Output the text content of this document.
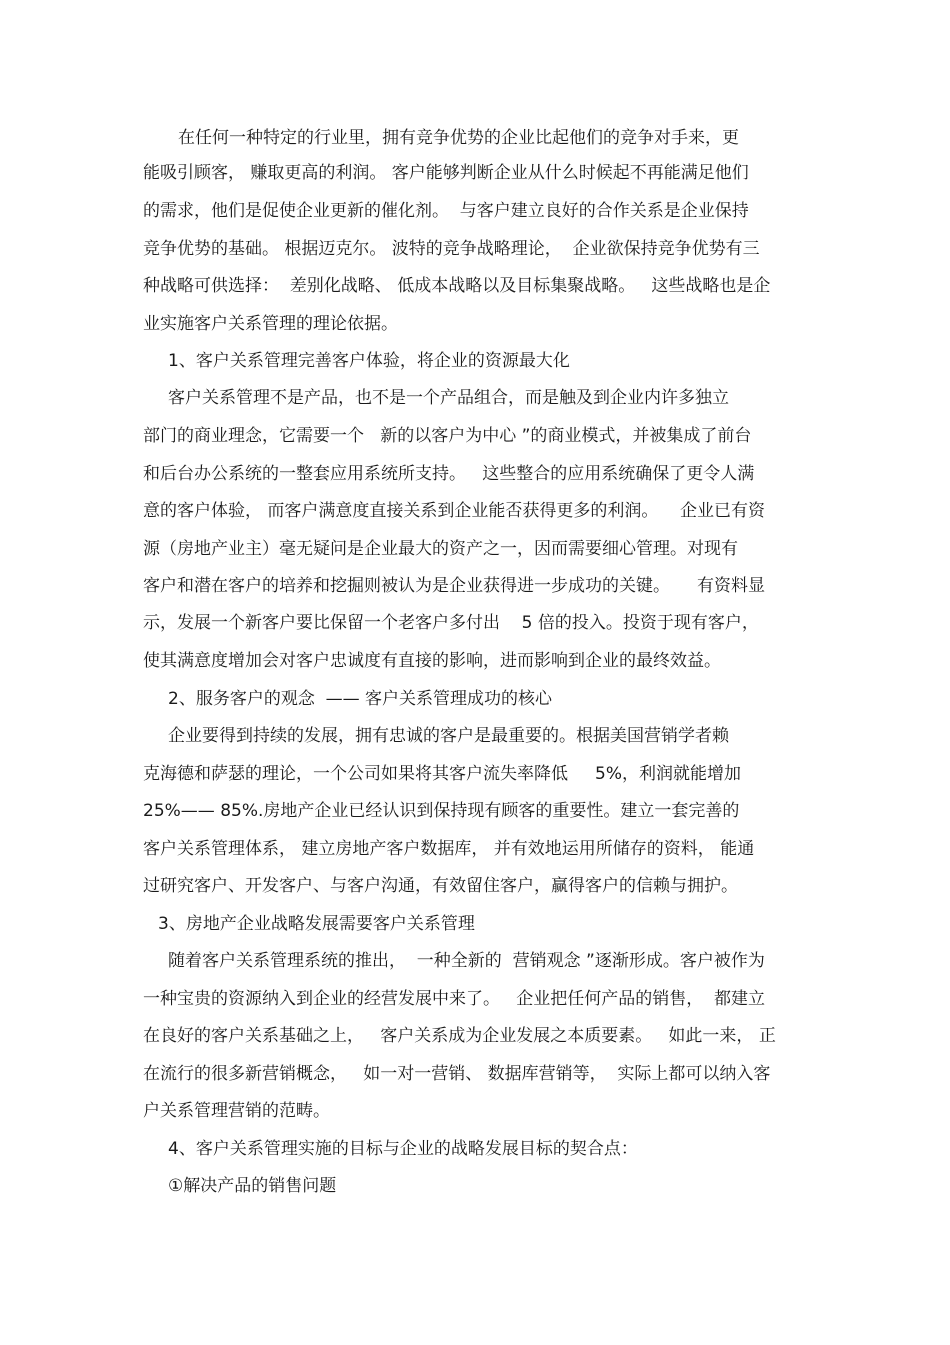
在任何一种特定的行业里，拥有竞争优势的企业比起他们的竞争对手来，更
能吸引顾客， 赚取更高的利润。 客户能够判断企业从什么时候起不再能满足他们
的需求，他们是促使企业更新的催化剂。  与客户建立良好的合作关系是企业保持
竞争优势的基础。 根据迈克尔。 波特的竞争战略理论，  企业欲保持竞争优势有三
种战略可供选择：  差别化战略、 低成本战略以及目标集聚战略。   这些战略也是企
业实施客户关系管理的理论依据。
1、客户关系管理完善客户体验，将企业的资源最大化
客户关系管理不是产品，也不是一个产品组合，而是触及到企业内许多独立
部门的商业理念，它需要一个   新的以客户为中心 ”的商业模式，并被集成了前台
和后台办公系统的一整套应用系统所支持。   这些整合的应用系统确保了更令人满
意的客户体验， 而客户满意度直接关系到企业能否获得更多的利润。    企业已有资
源（房地产业主）毫无疑问是企业最大的资产之一，因而需要细心管理。对现有
客户和潜在客户的培养和挖掘则被认为是企业获得进一步成功的关键。     有资料显
示，发展一个新客户要比保留一个老客户多付出    5 倍的投入。投资于现有客户，
使其满意度增加会对客户忠诚度有直接的影响，进而影响到企业的最终效益。
2、服务客户的观念  —— 客户关系管理成功的核心
企业要得到持续的发展，拥有忠诚的客户是最重要的。根据美国营销学者赖
克海德和萨瑟的理论，一个公司如果将其客户流失率降低     5%，利润就能增加
25%—— 85%.房地产企业已经认识到保持现有顾客的重要性。建立一套完善的
客户关系管理体系， 建立房地产客户数据库， 并有效地运用所储存的资料， 能通
过研究客户、开发客户、与客户沟通，有效留住客户，赢得客户的信赖与拥护。
3、房地产企业战略发展需要客户关系管理
随着客户关系管理系统的推出，  一种全新的  营销观念 ”逐渐形成。客户被作为
一种宝贵的资源纳入到企业的经营发展中来了。   企业把任何产品的销售，  都建立
在良好的客户关系基础之上，   客户关系成为企业发展之本质要素。   如此一来， 正
在流行的很多新营销概念，   如一对一营销、 数据库营销等，  实际上都可以纳入客
户关系管理营销的范畴。
4、客户关系管理实施的目标与企业的战略发展目标的契合点：
①解决产品的销售问题
